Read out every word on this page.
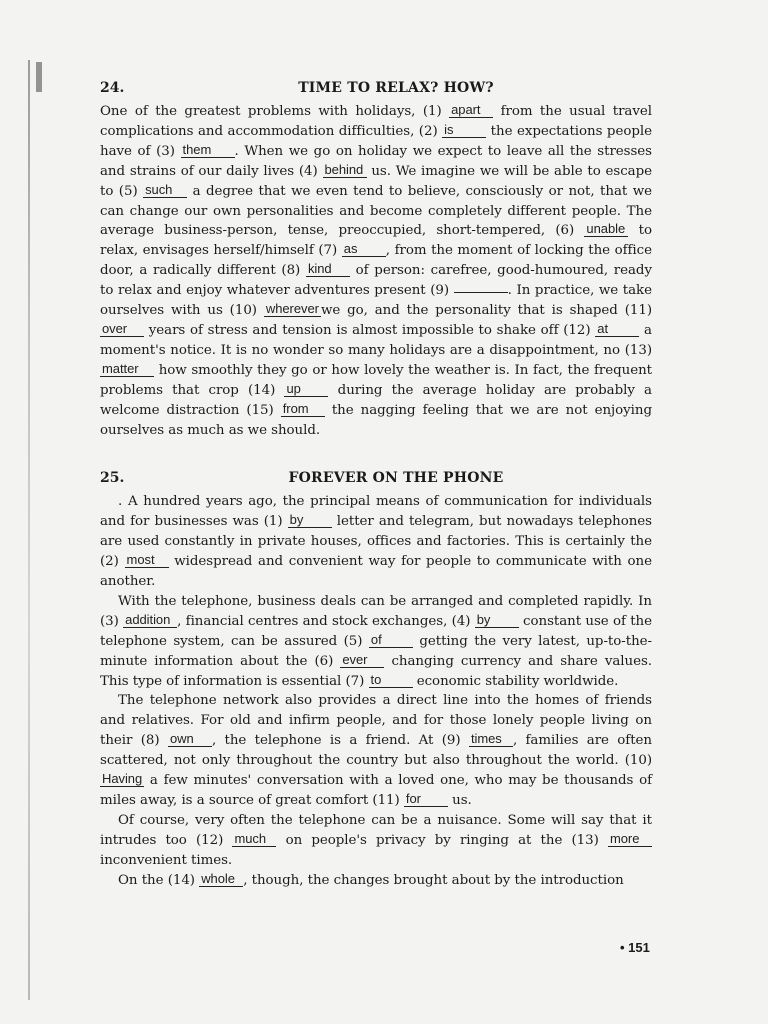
24.	TIME TO RELAX? HOW?

One of the greatest problems with holidays, (1) apart from the usual travel complications and accommodation difficulties, (2) is	the expectations people have of (3) them . When we go on holiday we expect to leave all the stresses and strains of our daily lives (4) behind us. We imagine we will be able to escape to (5) such a degree that we even tend to believe, consciously or not, that we can change our own personalities and become completely different people. The average business-person, tense, preoccupied, short-tempered, (6) unable to relax, envisages herself/himself (7) as , from the moment of locking the office door, a radically different (8) kind of person: carefree, good-humoured, ready to relax and enjoy whatever adventures present (9)	. In practice, we take ourselves with us (10) wherever we go, and the personality that is shaped (11) over years of stress and tension is almost impossible to shake off (12) at	a moment's notice. It is no wonder so many holidays are a disappointment, no (13)matter how smoothly they go or how lovely the weather is. In fact, the frequent problems that crop (14) up	during the average holiday are probably a welcome distraction (15) from the nagging feeling that we are not enjoying ourselves as much as we should.

25.	FOREVER ON THE PHONE

. A hundred years ago, the principal means of communication for individuals and for businesses was (1) by letter and telegram, but nowadays telephones are used constantly in private houses, offices and factories. This is certainly the (2) most widespread and convenient way for people to communicate with one another.

With the telephone, business deals can be arranged and completed rapidly. In (3) addition , financial centres and stock exchanges, (4) by constant use of the telephone system, can be assured (5) of	getting the very latest, up-to-the-minute information about the (6) ever changing currency and share values. This type of information is essential (7) to	economic stability worldwide.

The telephone network also provides a direct line into the homes of friends and relatives. For old and infirm people, and for those lonely people living on their (8) own , the telephone is a friend. At (9) times , families are often scattered, not only throughout the country but also throughout the world. (10) Having a few minutes' conversation with a loved one, who may be thousands of miles away, is a source of great comfort (11) for us.

Of course, very often the telephone can be a nuisance. Some will say that it intrudes too (12) much on people's privacy by ringing at the (13) more inconvenient times.

On the (14) whole , though, the changes brought about by the introduction

• 151
